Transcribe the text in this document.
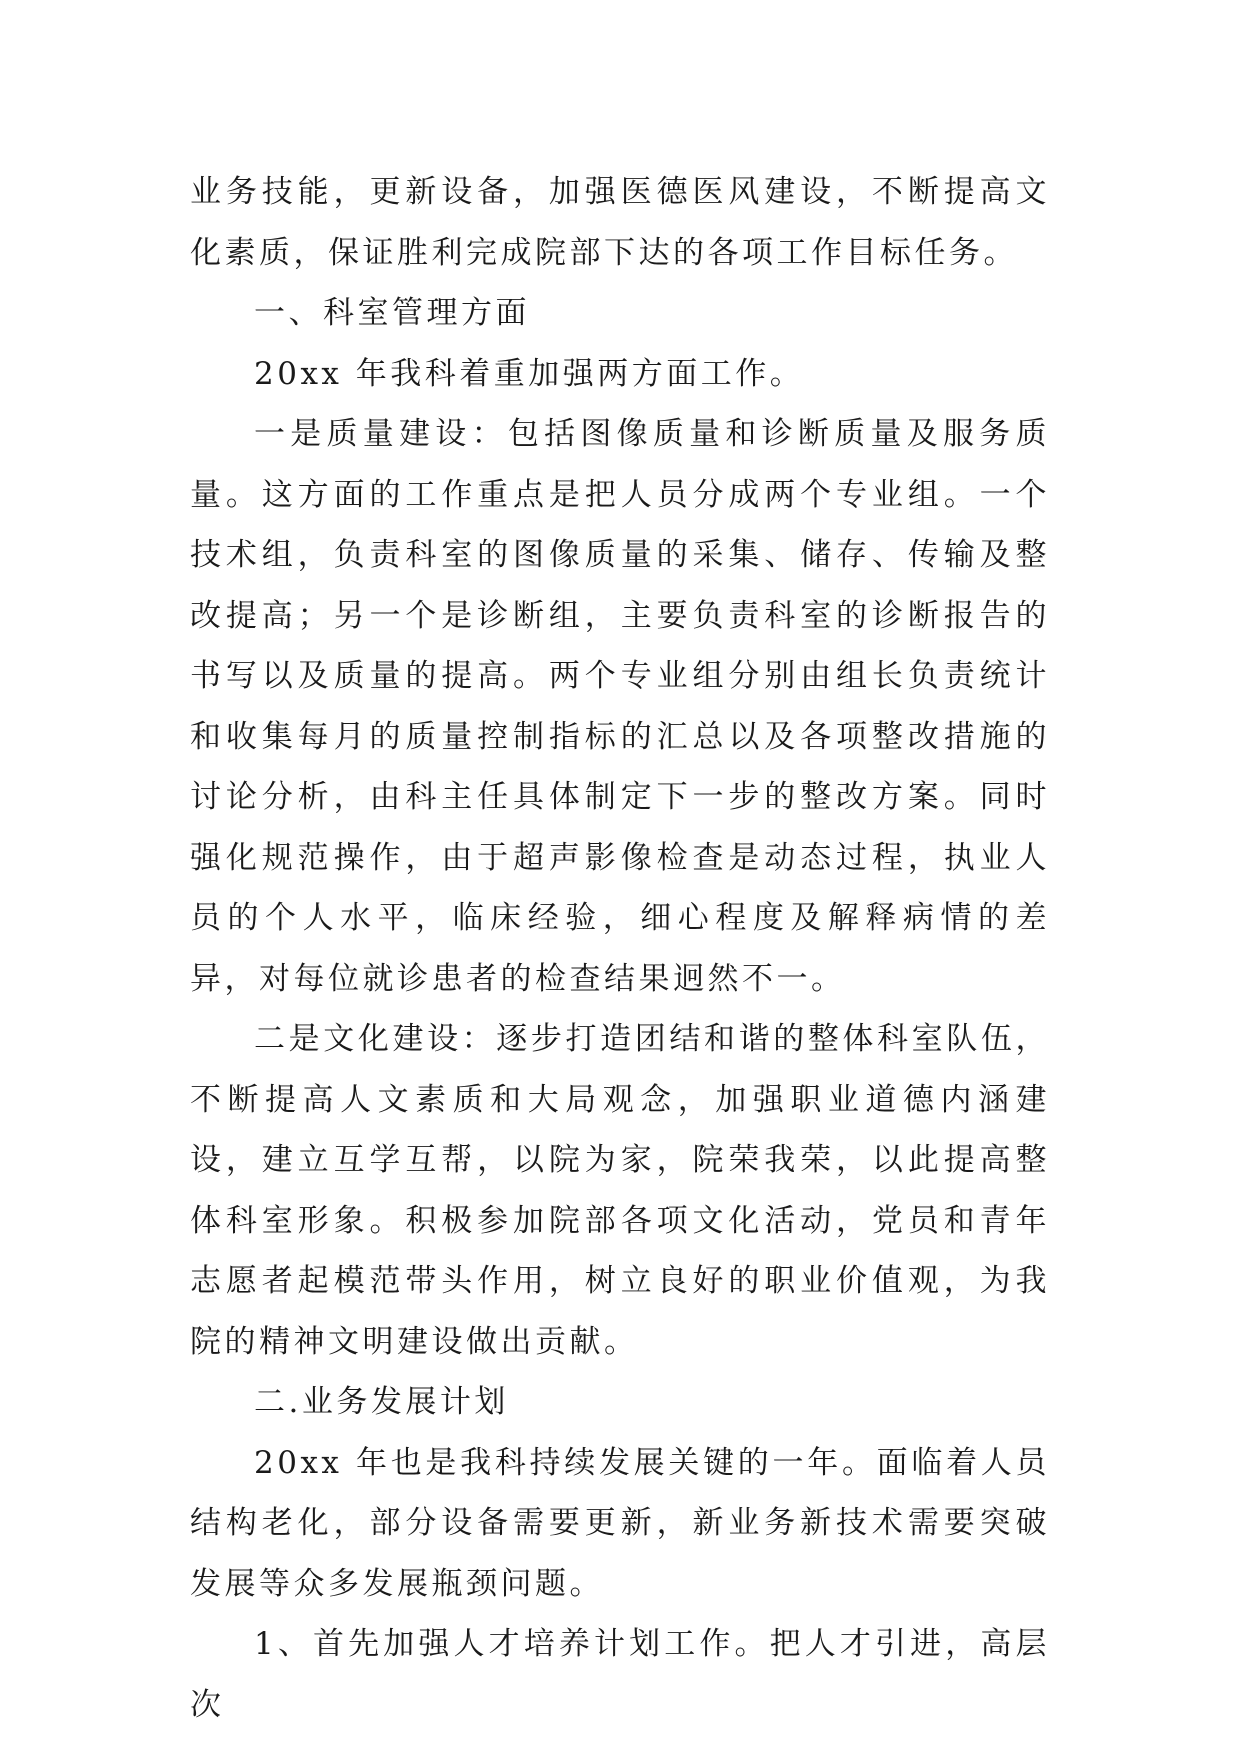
业务技能，更新设备，加强医德医风建设，不断提高文化素质，保证胜利完成院部下达的各项工作目标任务。

一、科室管理方面

20xx 年我科着重加强两方面工作。

一是质量建设：包括图像质量和诊断质量及服务质量。这方面的工作重点是把人员分成两个专业组。一个技术组，负责科室的图像质量的采集、储存、传输及整改提高；另一个是诊断组，主要负责科室的诊断报告的书写以及质量的提高。两个专业组分别由组长负责统计和收集每月的质量控制指标的汇总以及各项整改措施的讨论分析，由科主任具体制定下一步的整改方案。同时强化规范操作，由于超声影像检查是动态过程，执业人员的个人水平，临床经验，细心程度及解释病情的差异，对每位就诊患者的检查结果迥然不一。

二是文化建设：逐步打造团结和谐的整体科室队伍，不断提高人文素质和大局观念，加强职业道德内涵建设，建立互学互帮，以院为家，院荣我荣，以此提高整体科室形象。积极参加院部各项文化活动，党员和青年志愿者起模范带头作用，树立良好的职业价值观，为我院的精神文明建设做出贡献。

二.业务发展计划

20xx 年也是我科持续发展关键的一年。面临着人员结构老化，部分设备需要更新，新业务新技术需要突破发展等众多发展瓶颈问题。

1、首先加强人才培养计划工作。把人才引进，高层次
